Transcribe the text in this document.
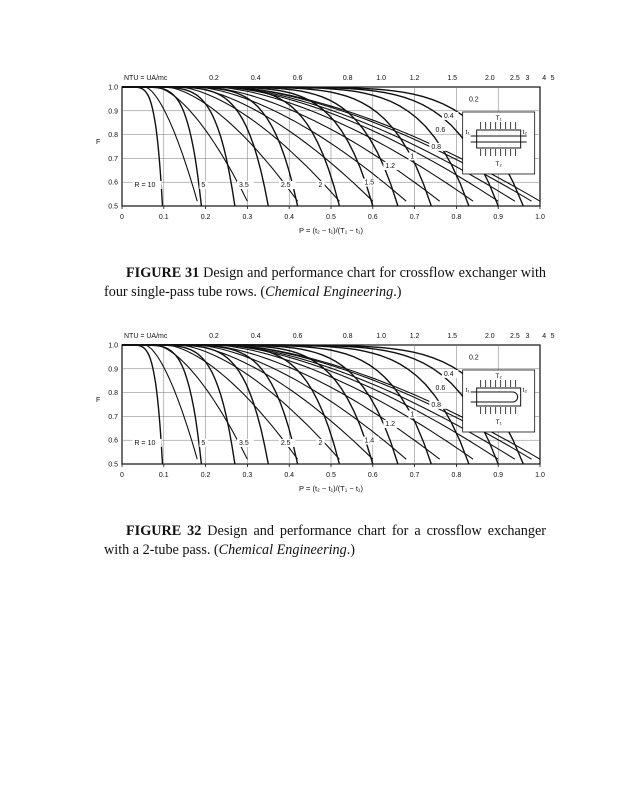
0	0.1	0.2	0.3	0.4	0.5	0.6	0.7	0.8	0.9	1.0
1.0
0.9
0.8
0.7
0.6
0.5
F
P = (t₂ − t₁)/(T₁ − t₁)
NTU = UA/mc	0.2	0.4	0.6	0.8	1.0	1.2	1.5	2.0 2.5 3 4 5
R = 10	5	3.5	2.5	2	1.5
1.2
1
0.8
0.6
0.4
0.2
T₁
T₂
t₁	t₂
FIGURE 31 Design and performance chart for crossflow exchanger with four single-pass tube rows. (Chemical Engineering.)
0	0.1	0.2	0.3	0.4	0.5	0.6	0.7	0.8	0.9	1.0
1.0
0.9
0.8
0.7
0.6
0.5
F
P = (t₂ − t₁)/(T₁ − t₁)
NTU = UA/mc	0.2	0.4	0.6	0.8	1.0	1.2	1.5	2.0 2.5 3 4 5
R = 10	5	3.5	2.5	2	1.4
1.2
1
0.8
0.6
0.4
0.2
T₂
T₁
t₁	t₂
FIGURE 32 Design and performance chart for a crossflow exchanger with a 2-tube pass. (Chemical Engineering.)
